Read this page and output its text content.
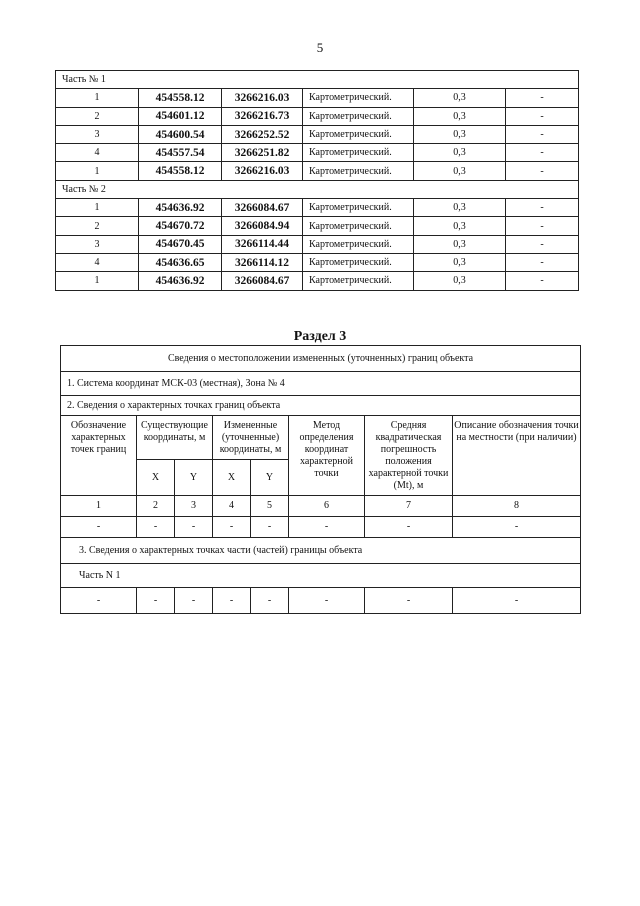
5
Часть № 1					
1	454558.12	3266216.03	Картометрический.	0,3	-
2	454601.12	3266216.73	Картометрический.	0,3	-
3	454600.54	3266252.52	Картометрический.	0,3	-
4	454557.54	3266251.82	Картометрический.	0,3	-
1	454558.12	3266216.03	Картометрический.	0,3	-
Часть № 2					
1	454636.92	3266084.67	Картометрический.	0,3	-
2	454670.72	3266084.94	Картометрический.	0,3	-
3	454670.45	3266114.44	Картометрический.	0,3	-
4	454636.65	3266114.12	Картометрический.	0,3	-
1	454636.92	3266084.67	Картометрический.	0,3	-
Раздел 3
Сведения о местоположении измененных (уточненных) границ объекта							
1. Система координат МСК-03 (местная), Зона № 4							
2. Сведения о характерных точках границ объекта							
Обозначение характерных точек границ	Существующие координаты, м		Измененные (уточненные) координаты, м		Метод определения координат характерной точки	Средняя квадратическая погрешность положения характерной точки (Mt), м	Описание обозначения точки на местности (при наличии)
	X	Y	X	Y			
1	2	3	4	5	6	7	8
-	-	-	-	-	-	-	-
3. Сведения о характерных точках части (частей) границы объекта							
Часть N 1							
-	-	-	-	-	-	-	-
